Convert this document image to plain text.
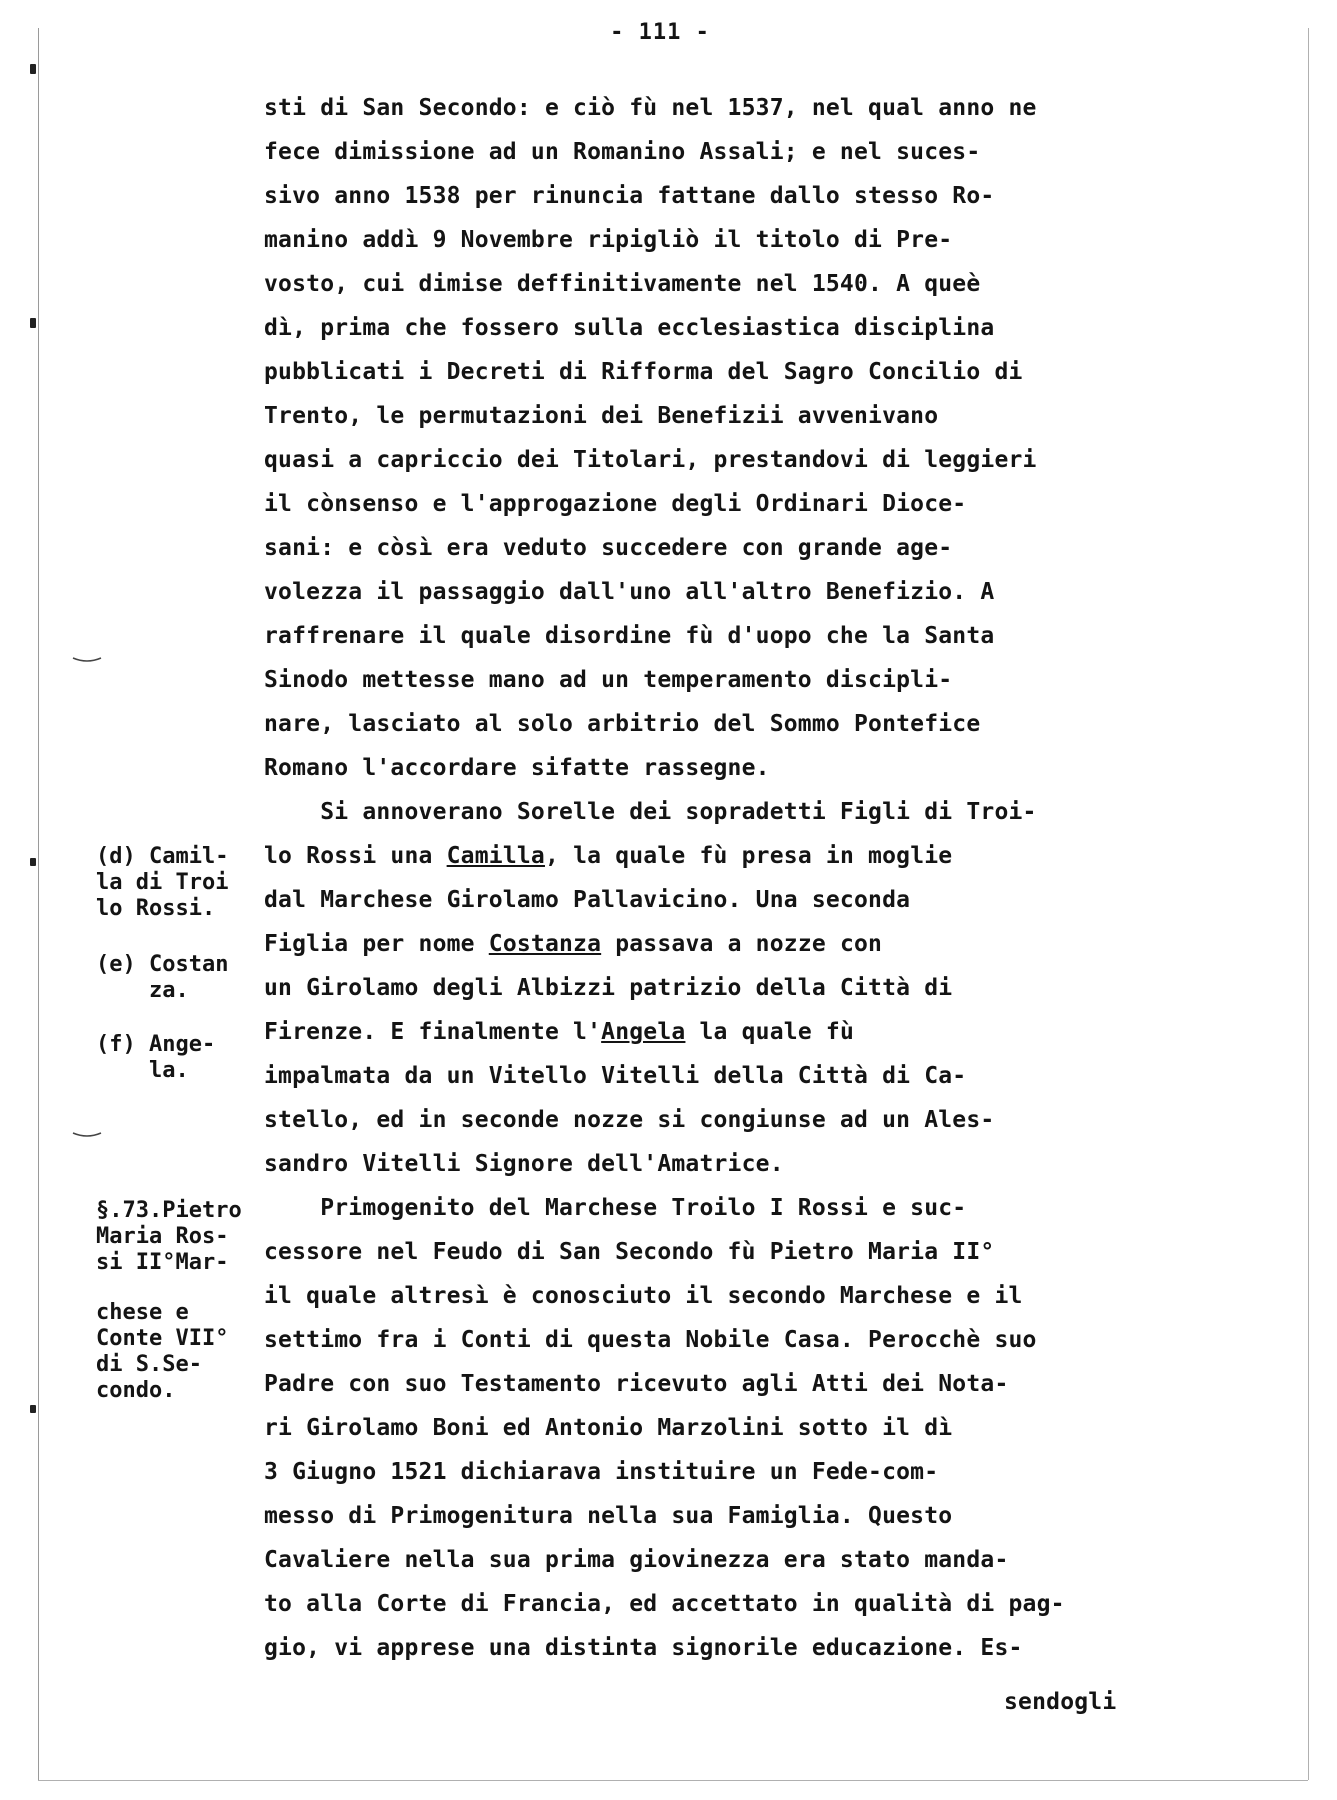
- 111 -
sti di San Secondo: e ciò fù nel 1537, nel qual anno ne
fece dimissione ad un Romanino Assali; e nel suces-
sivo anno 1538 per rinuncia fattane dallo stesso Ro-
manino addì 9 Novembre ripigliò il titolo di Pre-
vosto, cui dimise deffinitivamente nel 1540. A queè
dì, prima che fossero sulla ecclesiastica disciplina
pubblicati i Decreti di Rifforma del Sagro Concilio di
Trento, le permutazioni dei Benefizii avvenivano
quasi a capriccio dei Titolari, prestandovi di leggieri
il cònsenso e l'approgazione degli Ordinari Dioce-
sani: e còsì era veduto succedere con grande age-
volezza il passaggio dall'uno all'altro Benefizio. A
raffrenare il quale disordine fù d'uopo che la Santa
Sinodo mettesse mano ad un temperamento discipli-
nare, lasciato al solo arbitrio del Sommo Pontefice
Romano l'accordare sifatte rassegne.
Si annoverano Sorelle dei sopradetti Figli di Troi-
lo Rossi una Camilla, la quale fù presa in moglie
dal Marchese Girolamo Pallavicino. Una seconda
Figlia per nome Costanza passava a nozze con
un Girolamo degli Albizzi patrizio della Città di
Firenze. E finalmente l'Angela la quale fù
impalmata da un Vitello Vitelli della Città di Ca-
stello, ed in seconde nozze si congiunse ad un Ales-
sandro Vitelli Signore dell'Amatrice.
Primogenito del Marchese Troilo I Rossi e suc-
cessore nel Feudo di San Secondo fù Pietro Maria II°
il quale altresì è conosciuto il secondo Marchese e il
settimo fra i Conti di questa Nobile Casa. Perocchè suo
Padre con suo Testamento ricevuto agli Atti dei Nota-
ri Girolamo Boni ed Antonio Marzolini sotto il dì
3 Giugno 1521 dichiarava instituire un Fede-com-
messo di Primogenitura nella sua Famiglia. Questo
Cavaliere nella sua prima giovinezza era stato manda-
to alla Corte di Francia, ed accettato in qualità di pag-
gio, vi apprese una distinta signorile educazione. Es-
sendogli
(d) Camil-
la di Troi
lo Rossi.
(e) Costan
za.
(f) Ange-
la.
§.73.Pietro
Maria Ros-
si II°Mar-
chese e
Conte VII°
di S.Se-
condo.
